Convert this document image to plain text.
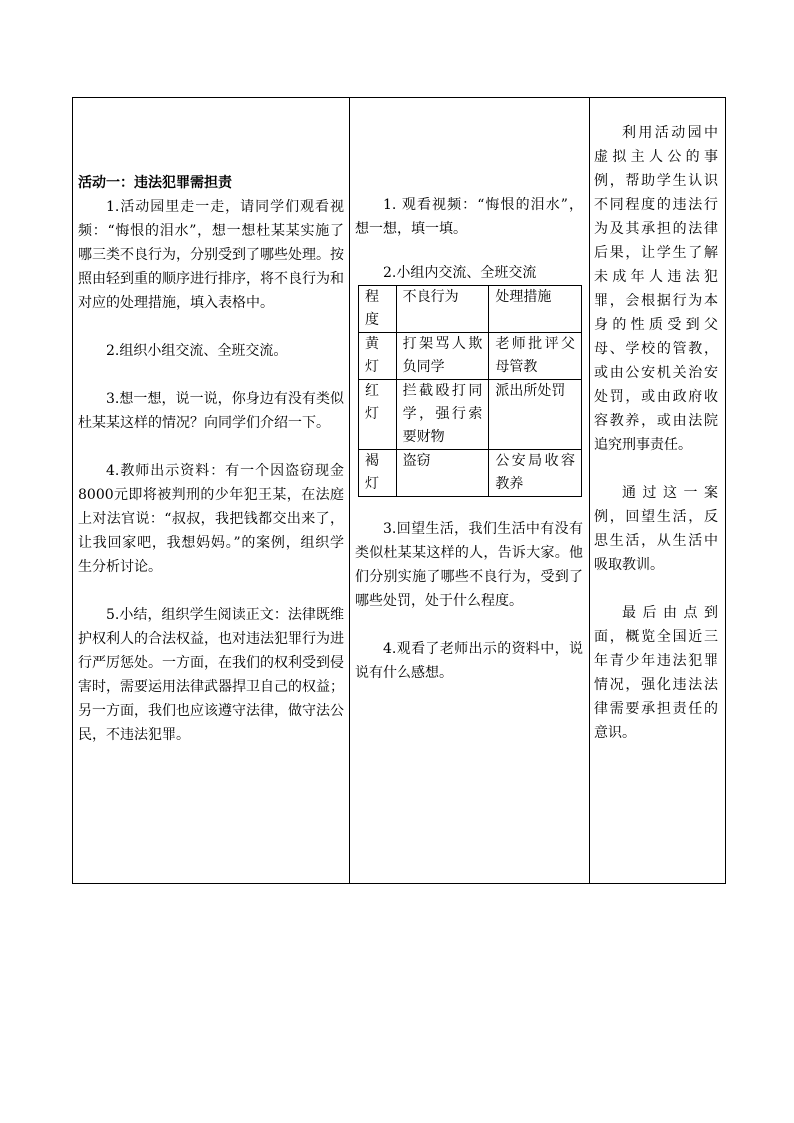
活动一：违法犯罪需担责

1.活动园里走一走，请同学们观看视频：“悔恨的泪水”，想一想杜某某实施了哪三类不良行为，分别受到了哪些处理。按照由轻到重的顺序进行排序，将不良行为和对应的处理措施，填入表格中。

2.组织小组交流、全班交流。

3.想一想，说一说，你身边有没有类似杜某某这样的情况？向同学们介绍一下。

4.教师出示资料：有一个因盗窃现金8000元即将被判刑的少年犯王某，在法庭上对法官说：“叔叔，我把钱都交出来了，让我回家吧，我想妈妈。”的案例，组织学生分析讨论。

5.小结，组织学生阅读正文：法律既维护权利人的合法权益，也对违法犯罪行为进行严厉惩处。一方面，在我们的权利受到侵害时，需要运用法律武器捍卫自己的权益；另一方面，我们也应该遵守法律，做守法公民，不违法犯罪。

1. 观看视频：“悔恨的泪水”，想一想，填一填。

2.小组内交流、全班交流

程度	不良行为	处理措施
黄灯	打架骂人欺负同学	老师批评父母管教
红灯	拦截殴打同学，强行索要财物	派出所处罚
褐灯	盗窃	公安局收容教养

3.回望生活，我们生活中有没有类似杜某某这样的人，告诉大家。他们分别实施了哪些不良行为，受到了哪些处罚，处于什么程度。

4.观看了老师出示的资料中，说说有什么感想。

利用活动园中虚拟主人公的事例，帮助学生认识不同程度的违法行为及其承担的法律后果，让学生了解未成年人违法犯罪，会根据行为本身的性质受到父母、学校的管教，或由公安机关治安处罚，或由政府收容教养，或由法院追究刑事责任。

通过这一案例，回望生活，反思生活，从生活中吸取教训。

最后由点到面，概览全国近三年青少年违法犯罪情况，强化违法法律需要承担责任的意识。
